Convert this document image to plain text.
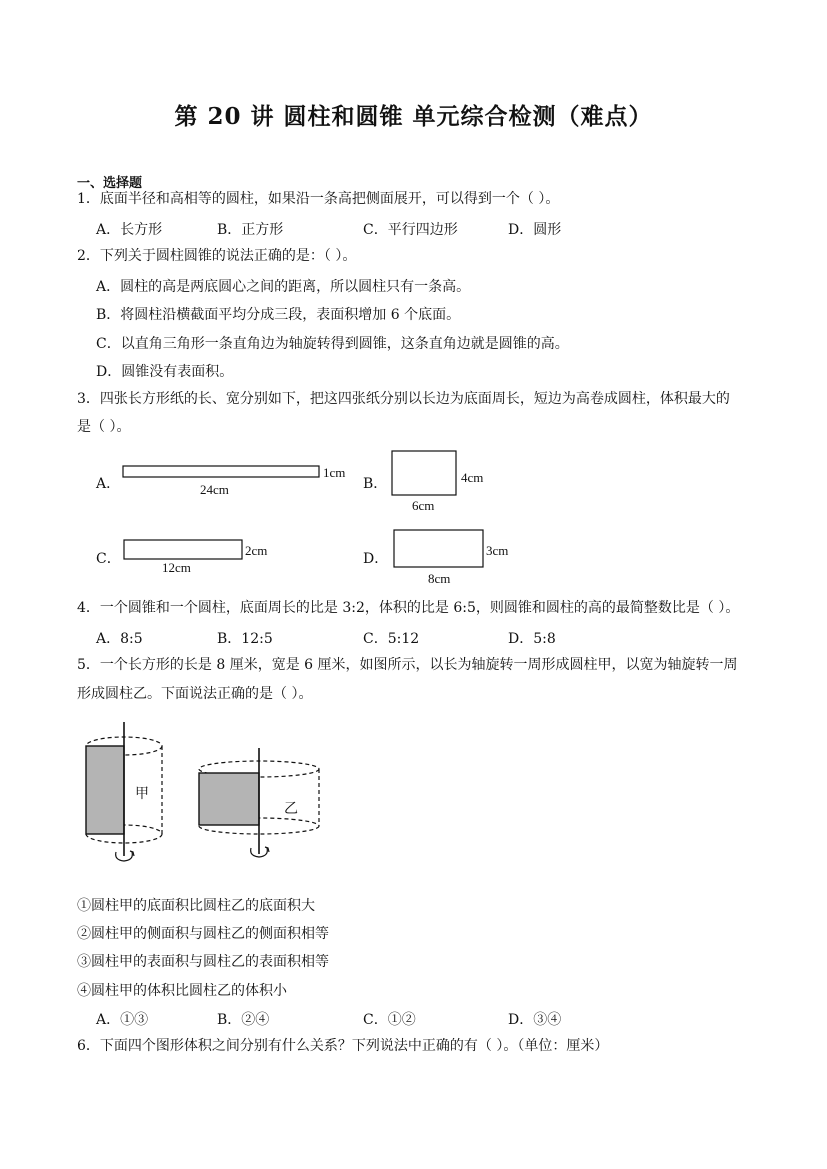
第 20 讲 圆柱和圆锥 单元综合检测（难点）
一、选择题
1．底面半径和高相等的圆柱，如果沿一条高把侧面展开，可以得到一个（ ）。
A．长方形	B．正方形	C．平行四边形	D．圆形
2．下列关于圆柱圆锥的说法正确的是：（ ）。
A．圆柱的高是两底圆心之间的距离，所以圆柱只有一条高。
B．将圆柱沿横截面平均分成三段，表面积增加 6 个底面。
C．以直角三角形一条直角边为轴旋转得到圆锥，这条直角边就是圆锥的高。
D．圆锥没有表面积。
3．四张长方形纸的长、宽分别如下，把这四张纸分别以长边为底面周长，短边为高卷成圆柱，体积最大的
是（ ）。
A．
1cm
24cm	B．	4cm
6cm
C．
2cm
12cm
D．
3cm
8cm
4．一个圆锥和一个圆柱，底面周长的比是 3:2，体积的比是 6:5，则圆锥和圆柱的高的最简整数比是（ ）。
A．8:5	B．12:5	C．5:12	D．5:8
5．一个长方形的长是 8 厘米，宽是 6 厘米，如图所示，以长为轴旋转一周形成圆柱甲，以宽为轴旋转一周
形成圆柱乙。下面说法正确的是（ ）。
甲
乙
①圆柱甲的底面积比圆柱乙的底面积大
②圆柱甲的侧面积与圆柱乙的侧面积相等
③圆柱甲的表面积与圆柱乙的表面积相等
④圆柱甲的体积比圆柱乙的体积小
A．①③	B．②④	C．①②	D．③④
6．下面四个图形体积之间分别有什么关系？下列说法中正确的有（ ）。（单位：厘米）
